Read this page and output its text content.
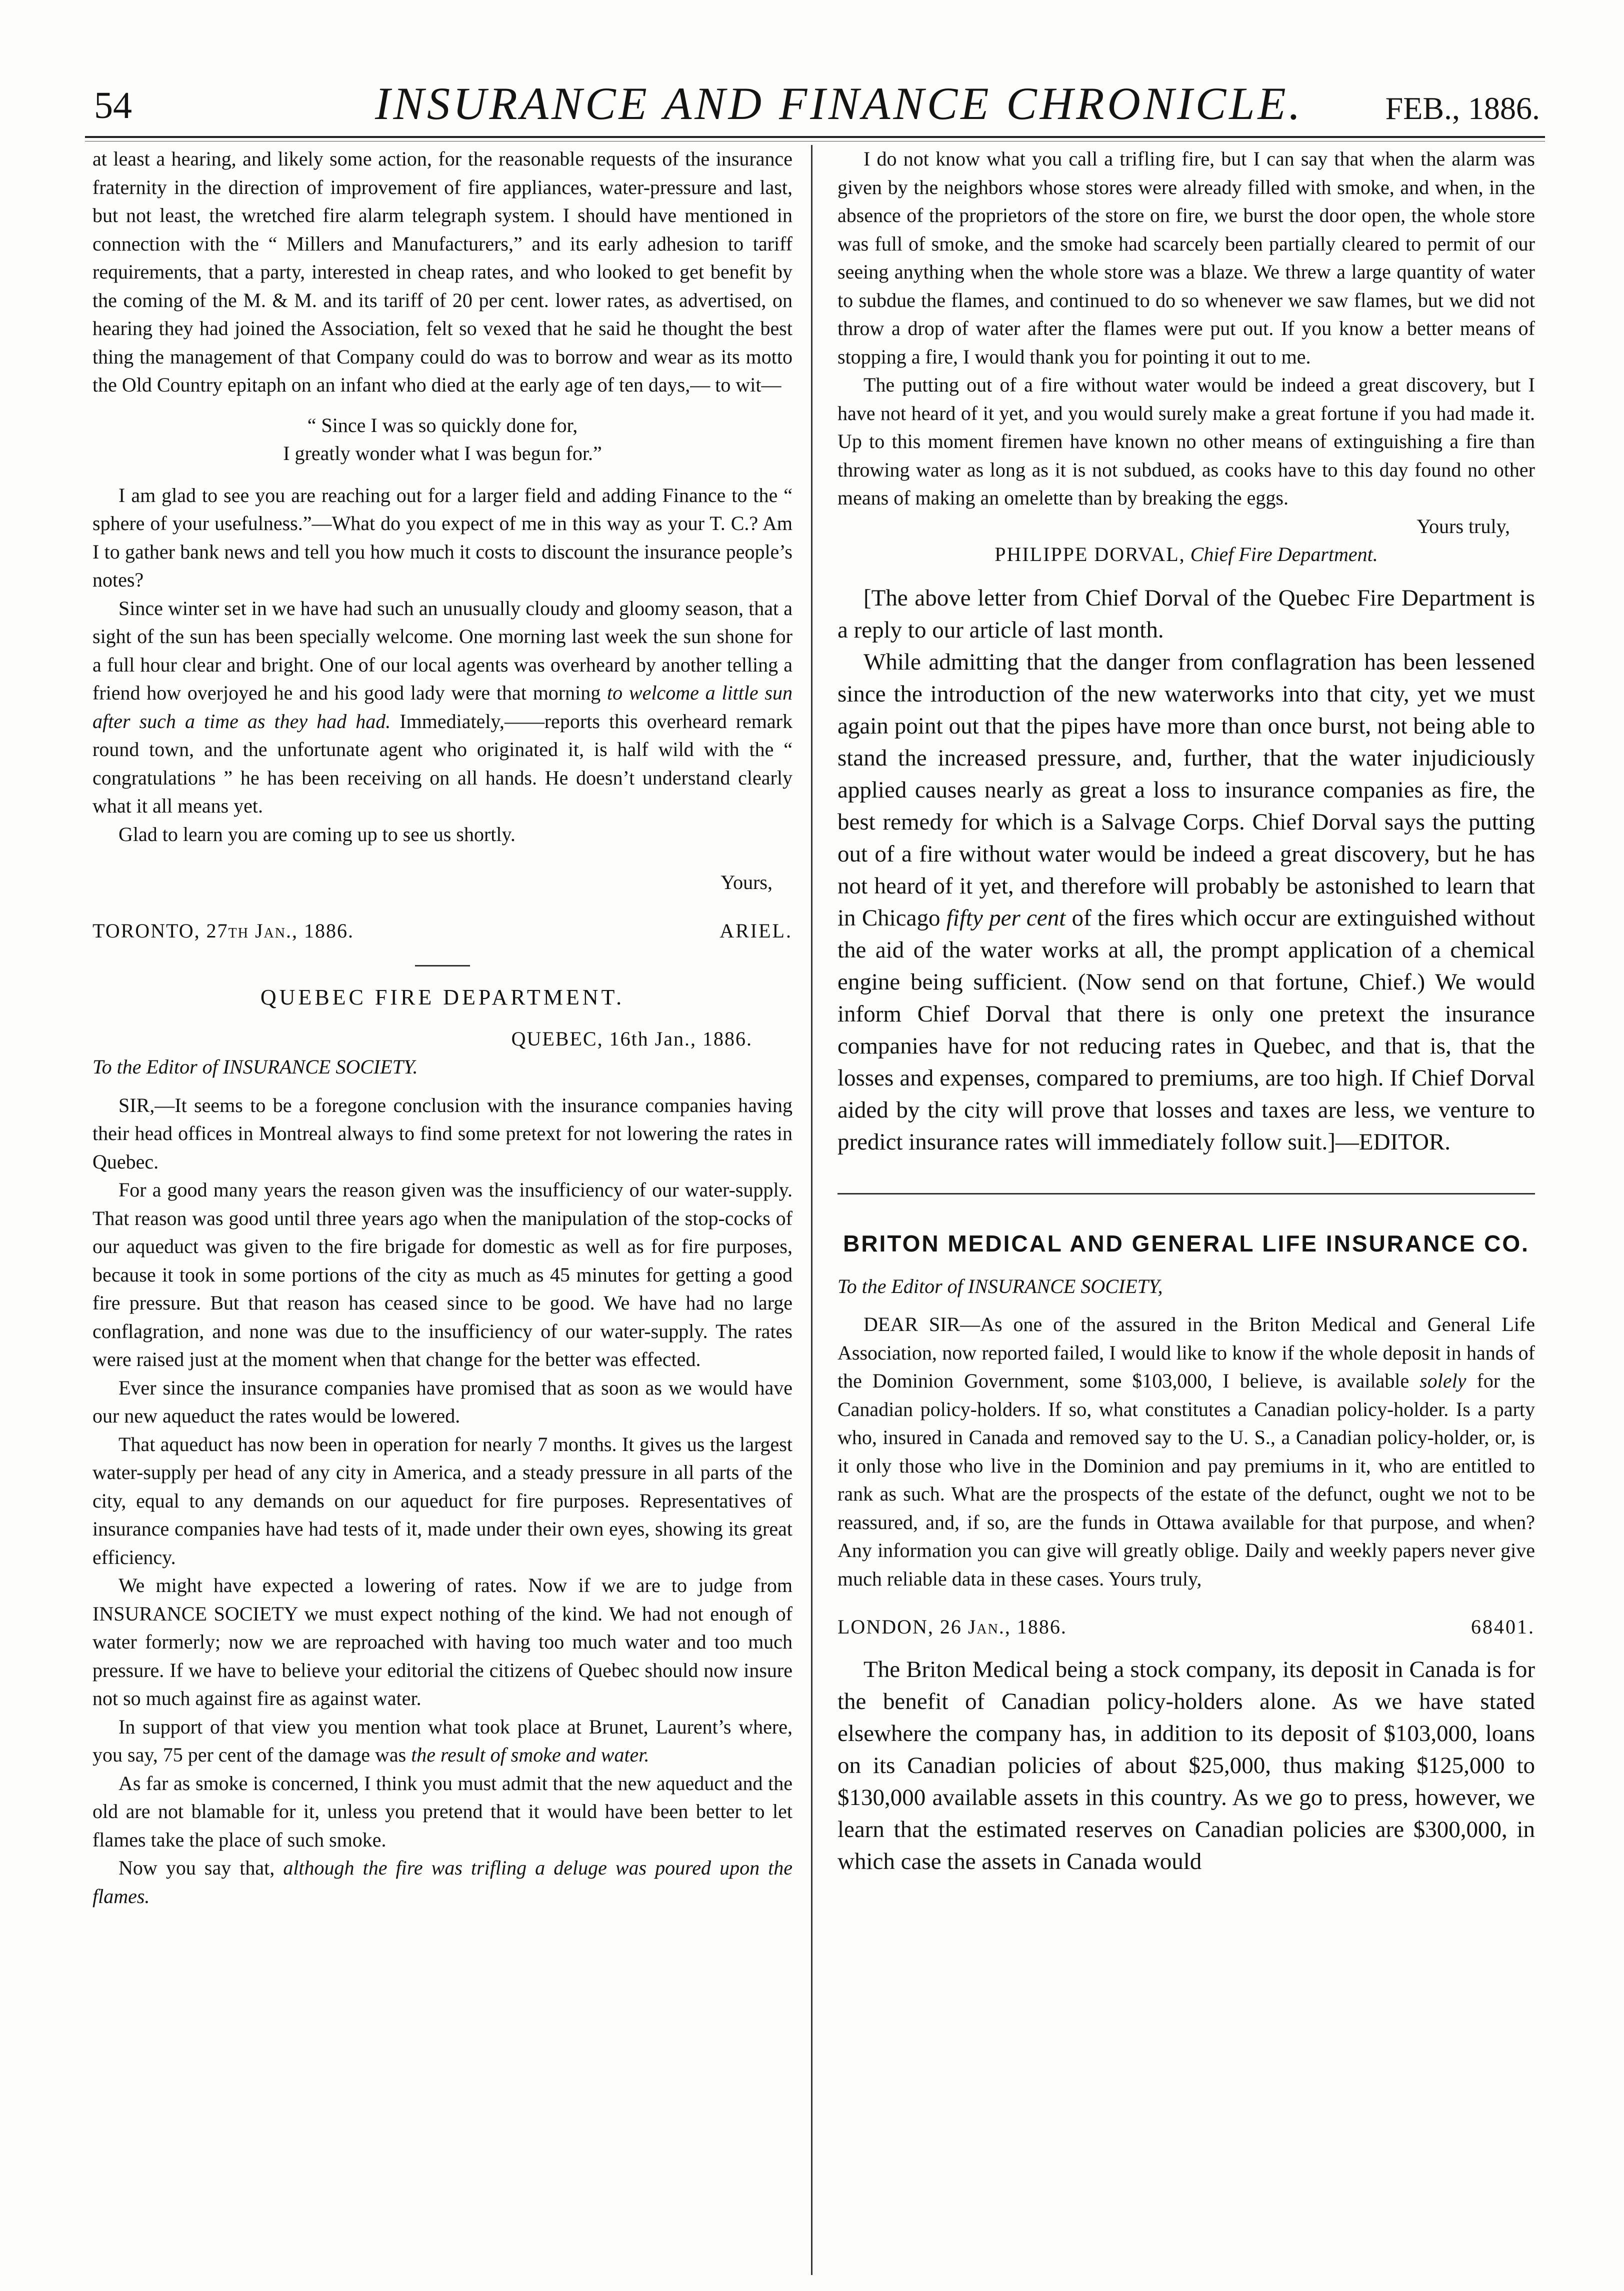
54	INSURANCE AND FINANCE CHRONICLE.	FEB., 1886.

at least a hearing, and likely some action, for the reasonable requests of the insurance fraternity in the direction of improvement of fire appliances, water-pressure and last, but not least, the wretched fire alarm telegraph system. I should have mentioned in connection with the “ Millers and Manufacturers,” and its early adhesion to tariff requirements, that a party, interested in cheap rates, and who looked to get benefit by the coming of the M. & M. and its tariff of 20 per cent. lower rates, as advertised, on hearing they had joined the Association, felt so vexed that he said he thought the best thing the management of that Company could do was to borrow and wear as its motto the Old Country epitaph on an infant who died at the early age of ten days,— to wit—

“ Since I was so quickly done for,
I greatly wonder what I was begun for.”

I am glad to see you are reaching out for a larger field and adding Finance to the “ sphere of your usefulness.”—What do you expect of me in this way as your T. C.? Am I to gather bank news and tell you how much it costs to discount the insurance people’s notes?

Since winter set in we have had such an unusually cloudy and gloomy season, that a sight of the sun has been specially welcome. One morning last week the sun shone for a full hour clear and bright. One of our local agents was overheard by another telling a friend how overjoyed he and his good lady were that morning to welcome a little sun after such a time as they had had. Immediately,——reports this overheard remark round town, and the unfortunate agent who originated it, is half wild with the “ congratulations ” he has been receiving on all hands. He doesn’t understand clearly what it all means yet.

Glad to learn you are coming up to see us shortly.

Yours,
TORONTO, 27th Jan., 1886.	ARIEL.
QUEBEC FIRE DEPARTMENT.
QUEBEC, 16th Jan., 1886.
To the Editor of INSURANCE SOCIETY.

SIR,—It seems to be a foregone conclusion with the insurance companies having their head offices in Montreal always to find some pretext for not lowering the rates in Quebec.

For a good many years the reason given was the insufficiency of our water-supply. That reason was good until three years ago when the manipulation of the stop-cocks of our aqueduct was given to the fire brigade for domestic as well as for fire purposes, because it took in some portions of the city as much as 45 minutes for getting a good fire pressure. But that reason has ceased since to be good. We have had no large conflagration, and none was due to the insufficiency of our water-supply. The rates were raised just at the moment when that change for the better was effected.

Ever since the insurance companies have promised that as soon as we would have our new aqueduct the rates would be lowered.

That aqueduct has now been in operation for nearly 7 months. It gives us the largest water-supply per head of any city in America, and a steady pressure in all parts of the city, equal to any demands on our aqueduct for fire purposes. Representatives of insurance companies have had tests of it, made under their own eyes, showing its great efficiency.

We might have expected a lowering of rates. Now if we are to judge from INSURANCE SOCIETY we must expect nothing of the kind. We had not enough of water formerly; now we are reproached with having too much water and too much pressure. If we have to believe your editorial the citizens of Quebec should now insure not so much against fire as against water.

In support of that view you mention what took place at Brunet, Laurent’s where, you say, 75 per cent of the damage was the result of smoke and water.

As far as smoke is concerned, I think you must admit that the new aqueduct and the old are not blamable for it, unless you pretend that it would have been better to let flames take the place of such smoke.

Now you say that, although the fire was trifling a deluge was poured upon the flames.

I do not know what you call a trifling fire, but I can say that when the alarm was given by the neighbors whose stores were already filled with smoke, and when, in the absence of the proprietors of the store on fire, we burst the door open, the whole store was full of smoke, and the smoke had scarcely been partially cleared to permit of our seeing anything when the whole store was a blaze. We threw a large quantity of water to subdue the flames, and continued to do so whenever we saw flames, but we did not throw a drop of water after the flames were put out. If you know a better means of stopping a fire, I would thank you for pointing it out to me.

The putting out of a fire without water would be indeed a great discovery, but I have not heard of it yet, and you would surely make a great fortune if you had made it. Up to this moment firemen have known no other means of extinguishing a fire than throwing water as long as it is not subdued, as cooks have to this day found no other means of making an omelette than by breaking the eggs.

Yours truly,
PHILIPPE DORVAL, Chief Fire Department.

[The above letter from Chief Dorval of the Quebec Fire Department is a reply to our article of last month.

While admitting that the danger from conflagration has been lessened since the introduction of the new waterworks into that city, yet we must again point out that the pipes have more than once burst, not being able to stand the increased pressure, and, further, that the water injudiciously applied causes nearly as great a loss to insurance companies as fire, the best remedy for which is a Salvage Corps. Chief Dorval says the putting out of a fire without water would be indeed a great discovery, but he has not heard of it yet, and therefore will probably be astonished to learn that in Chicago fifty per cent of the fires which occur are extinguished without the aid of the water works at all, the prompt application of a chemical engine being sufficient. (Now send on that fortune, Chief.) We would inform Chief Dorval that there is only one pretext the insurance companies have for not reducing rates in Quebec, and that is, that the losses and expenses, compared to premiums, are too high. If Chief Dorval aided by the city will prove that losses and taxes are less, we venture to predict insurance rates will immediately follow suit.]—EDITOR.

BRITON MEDICAL AND GENERAL LIFE INSURANCE CO.
To the Editor of INSURANCE SOCIETY,

DEAR SIR—As one of the assured in the Briton Medical and General Life Association, now reported failed, I would like to know if the whole deposit in hands of the Dominion Government, some $103,000, I believe, is available solely for the Canadian policy-holders. If so, what constitutes a Canadian policy-holder. Is a party who, insured in Canada and removed say to the U. S., a Canadian policy-holder, or, is it only those who live in the Dominion and pay premiums in it, who are entitled to rank as such. What are the prospects of the estate of the defunct, ought we not to be reassured, and, if so, are the funds in Ottawa available for that purpose, and when? Any information you can give will greatly oblige. Daily and weekly papers never give much reliable data in these cases. Yours truly,

LONDON, 26 Jan., 1886.	68401.

The Briton Medical being a stock company, its deposit in Canada is for the benefit of Canadian policy-holders alone. As we have stated elsewhere the company has, in addition to its deposit of $103,000, loans on its Canadian policies of about $25,000, thus making $125,000 to $130,000 available assets in this country. As we go to press, however, we learn that the estimated reserves on Canadian policies are $300,000, in which case the assets in Canada would
